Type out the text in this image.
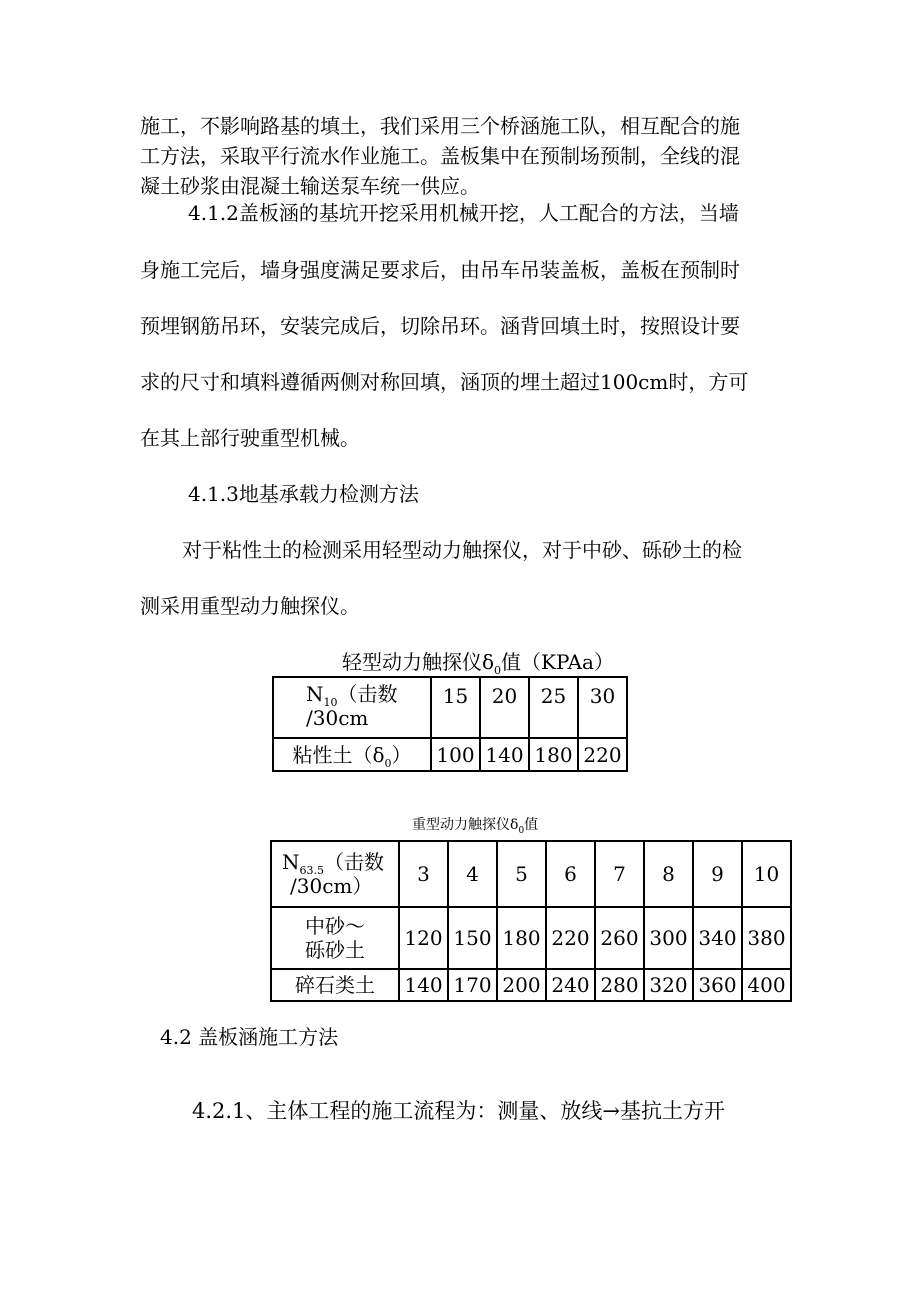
施工，不影响路基的填土，我们采用三个桥涵施工队，相互配合的施
工方法，采取平行流水作业施工。盖板集中在预制场预制，全线的混
凝土砂浆由混凝土输送泵车统一供应。
4.1.2盖板涵的基坑开挖采用机械开挖，人工配合的方法，当墙
身施工完后，墙身强度满足要求后，由吊车吊装盖板，盖板在预制时
预埋钢筋吊环，安装完成后，切除吊环。涵背回填土时，按照设计要
求的尺寸和填料遵循两侧对称回填，涵顶的埋土超过100cm时，方可
在其上部行驶重型机械。
4.1.3地基承载力检测方法
对于粘性土的检测采用轻型动力触探仪，对于中砂、砾砂土的检
测采用重型动力触探仪。
轻型动力触探仪$\delta_0$值（KPAa）
$N_{10}$（击数
/30cm	15	20	25	30
粘性土$(\delta_0)$	100	140	180	220
重型动力触探仪$\delta_0$值
$N_{63.5}$（击数
/30cm）	3	4	5	6	7	8	9	10
中砂～
砾砂土	120	150	180	220	260	300	340	380
碎石类土	140	170	200	240	280	320	360	400
4.2 盖板涵施工方法
4.2.1、主体工程的施工流程为：测量、放线→基抗土方开
